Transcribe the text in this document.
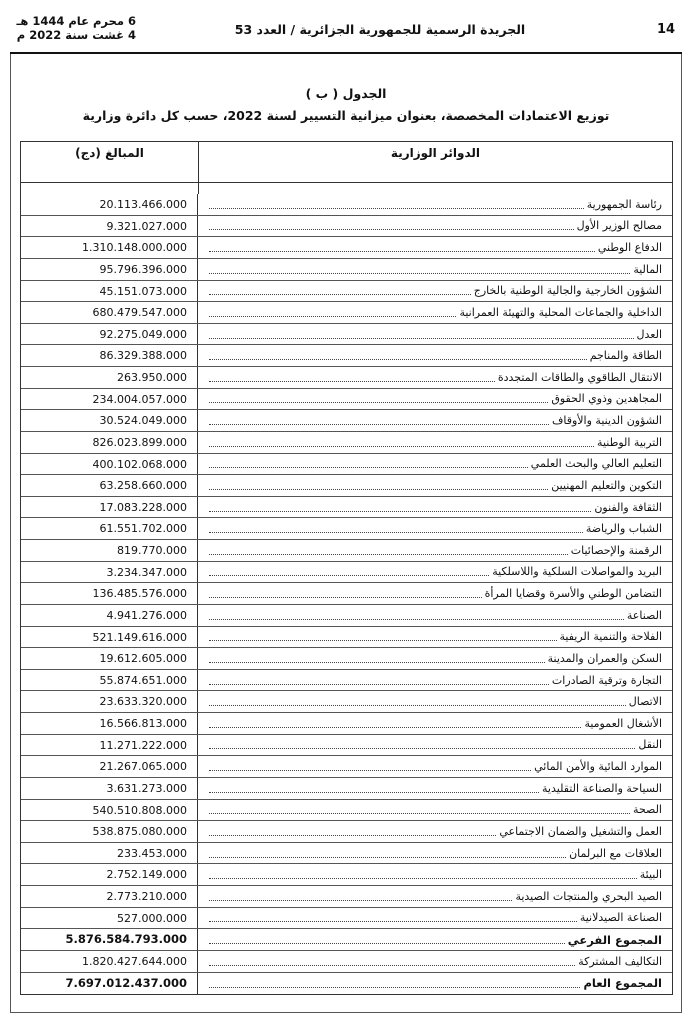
14
الجريدة الرسمية للجمهورية الجزائرية / العدد 53
6 محرم عام 1444 هـ
4 غشت سنة 2022 م
الجدول ( ب )
توزيع الاعتمادات المخصصة، بعنوان ميزانية التسيير لسنة 2022، حسب كل دائرة وزارية
الدوائر الوزارية
المبالغ (دج)
20.113.466.000	رئاسة الجمهورية
9.321.027.000	مصالح الوزير الأول
1.310.148.000.000	الدفاع الوطني
95.796.396.000	المالية
45.151.073.000	الشؤون الخارجية والجالية الوطنية بالخارج
680.479.547.000	الداخلية والجماعات المحلية والتهيئة العمرانية
92.275.049.000	العدل
86.329.388.000	الطاقة والمناجم
263.950.000	الانتقال الطاقوي والطاقات المتجددة
234.004.057.000	المجاهدين وذوي الحقوق
30.524.049.000	الشؤون الدينية والأوقاف
826.023.899.000	التربية الوطنية
400.102.068.000	التعليم العالي والبحث العلمي
63.258.660.000	التكوين والتعليم المهنيين
17.083.228.000	الثقافة والفنون
61.551.702.000	الشباب والرياضة
819.770.000	الرقمنة والإحصائيات
3.234.347.000	البريد والمواصلات السلكية واللاسلكية
136.485.576.000	التضامن الوطني والأسرة وقضايا المرأة
4.941.276.000	الصناعة
521.149.616.000	الفلاحة والتنمية الريفية
19.612.605.000	السكن والعمران والمدينة
55.874.651.000	التجارة وترقية الصادرات
23.633.320.000	الاتصال
16.566.813.000	الأشغال العمومية
11.271.222.000	النقل
21.267.065.000	الموارد المائية والأمن المائي
3.631.273.000	السياحة والصناعة التقليدية
540.510.808.000	الصحة
538.875.080.000	العمل والتشغيل والضمان الاجتماعي
233.453.000	العلاقات مع البرلمان
2.752.149.000	البيئة
2.773.210.000	الصيد البحري والمنتجات الصيدية
527.000.000	الصناعة الصيدلانية
5.876.584.793.000	المجموع الفرعي
1.820.427.644.000	التكاليف المشتركة
7.697.012.437.000	المجموع العام
